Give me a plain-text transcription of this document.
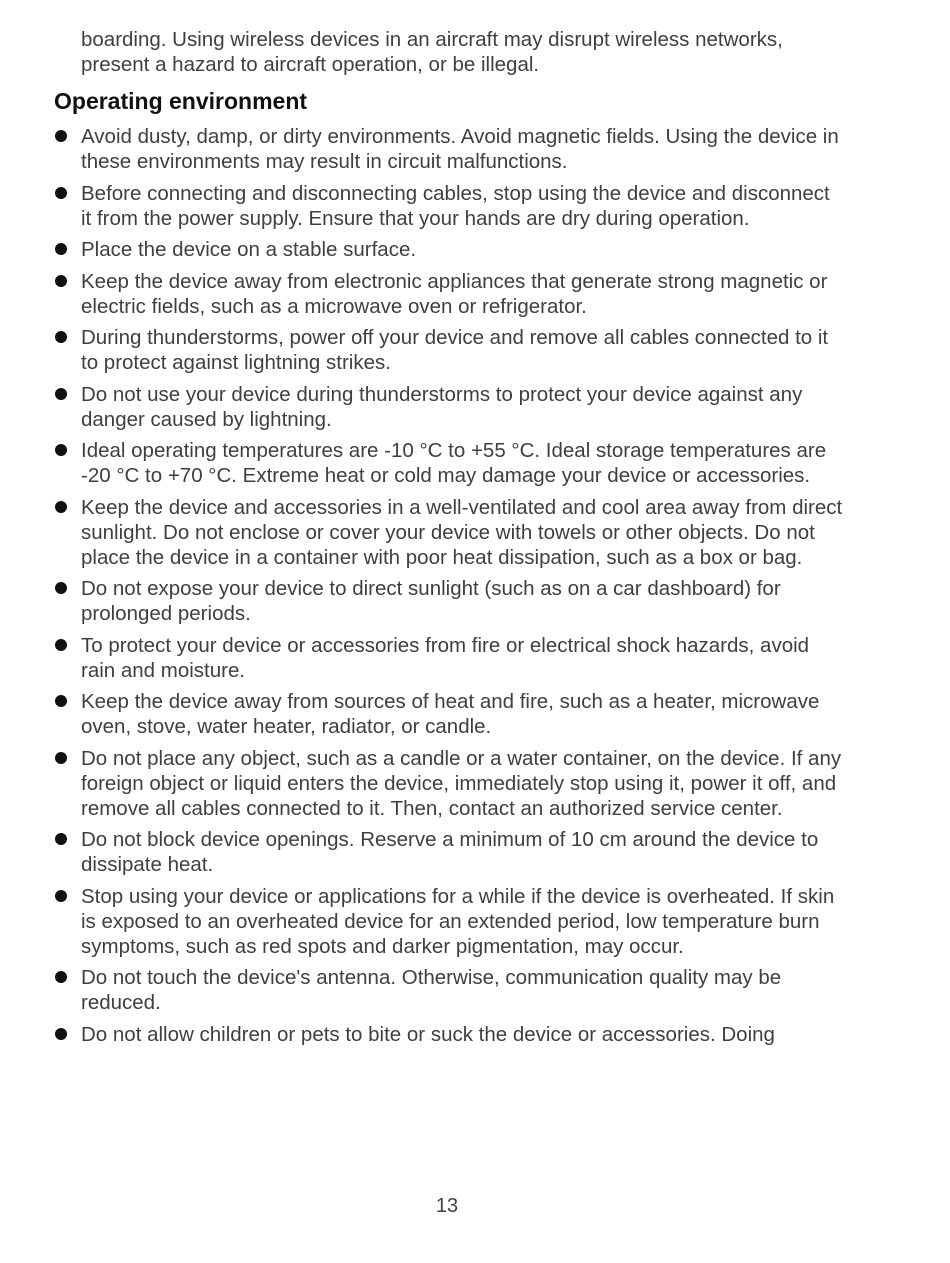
boarding. Using wireless devices in an aircraft may disrupt wireless networks, present a hazard to aircraft operation, or be illegal.

Operating environment
Avoid dusty, damp, or dirty environments. Avoid magnetic fields. Using the device in these environments may result in circuit malfunctions.
Before connecting and disconnecting cables, stop using the device and disconnect it from the power supply. Ensure that your hands are dry during operation.
Place the device on a stable surface.
Keep the device away from electronic appliances that generate strong magnetic or electric fields, such as a microwave oven or refrigerator.
During thunderstorms, power off your device and remove all cables connected to it to protect against lightning strikes.
Do not use your device during thunderstorms to protect your device against any danger caused by lightning.
Ideal operating temperatures are -10 °C to +55 °C. Ideal storage temperatures are -20 °C to +70 °C. Extreme heat or cold may damage your device or accessories.
Keep the device and accessories in a well-ventilated and cool area away from direct sunlight. Do not enclose or cover your device with towels or other objects. Do not place the device in a container with poor heat dissipation, such as a box or bag.
Do not expose your device to direct sunlight (such as on a car dashboard) for prolonged periods.
To protect your device or accessories from fire or electrical shock hazards, avoid rain and moisture.
Keep the device away from sources of heat and fire, such as a heater, microwave oven, stove, water heater, radiator, or candle.
Do not place any object, such as a candle or a water container, on the device. If any foreign object or liquid enters the device, immediately stop using it, power it off, and remove all cables connected to it. Then, contact an authorized service center.
Do not block device openings. Reserve a minimum of 10 cm around the device to dissipate heat.
Stop using your device or applications for a while if the device is overheated. If skin is exposed to an overheated device for an extended period, low temperature burn symptoms, such as red spots and darker pigmentation, may occur.
Do not touch the device's antenna. Otherwise, communication quality may be reduced.
Do not allow children or pets to bite or suck the device or accessories. Doing
13
